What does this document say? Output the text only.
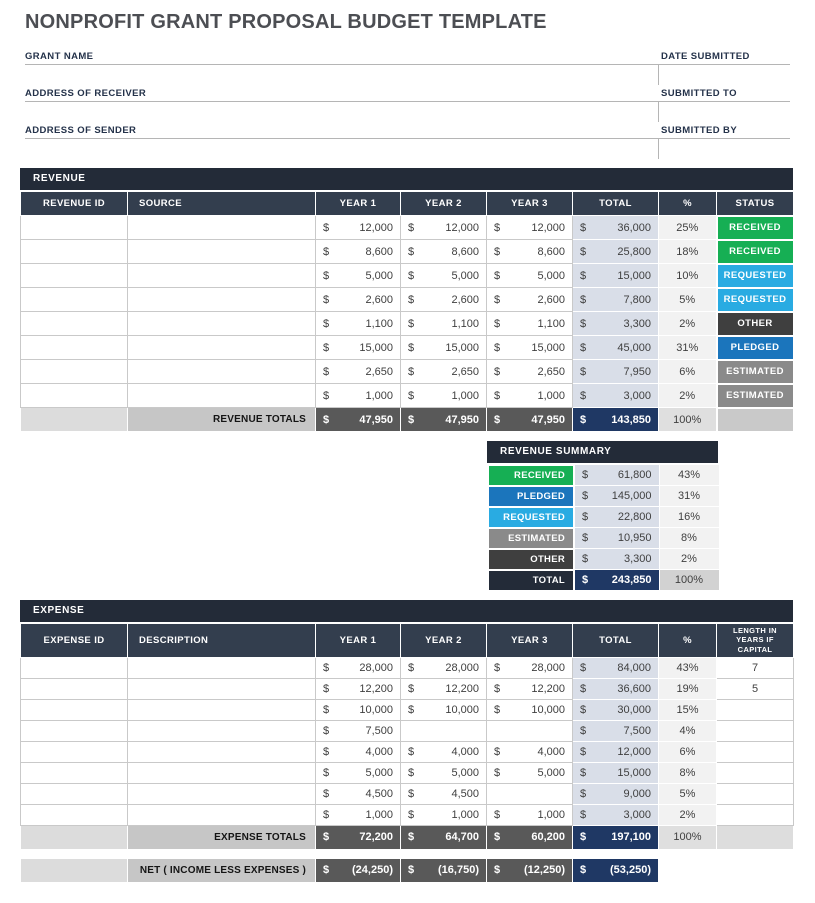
NONPROFIT GRANT PROPOSAL BUDGET TEMPLATE
GRANT NAME	DATE SUBMITTED
ADDRESS OF RECEIVER	SUBMITTED TO
ADDRESS OF SENDER	SUBMITTED BY
REVENUE
REVENUE ID	SOURCE	YEAR 1	YEAR 2	YEAR 3	TOTAL	%	STATUS

		$ 12,000	$ 12,000	$ 12,000	$ 36,000	25%	RECEIVED

		$ 8,600	$ 8,600	$ 8,600	$ 25,800	18%	RECEIVED

		$ 5,000	$ 5,000	$ 5,000	$ 15,000	10%	REQUESTED

		$ 2,600	$ 2,600	$ 2,600	$ 7,800	5%	REQUESTED

		$ 1,100	$ 1,100	$ 1,100	$ 3,300	2%	OTHER

		$ 15,000	$ 15,000	$ 15,000	$ 45,000	31%	PLEDGED

		$ 2,650	$ 2,650	$ 2,650	$ 7,950	6%	ESTIMATED

		$ 1,000	$ 1,000	$ 1,000	$ 3,000	2%	ESTIMATED
	REVENUE TOTALS	$ 47,950	$ 47,950	$ 47,950	$ 143,850	100%	
REVENUE SUMMARY
RECEIVED	$ 61,800	43%
PLEDGED	$ 145,000	31%
REQUESTED	$ 22,800	16%
ESTIMATED	$ 10,950	8%
OTHER	$ 3,300	2%
TOTAL	$ 243,850	100%
EXPENSE
EXPENSE ID	DESCRIPTION	YEAR 1	YEAR 2	YEAR 3	TOTAL	%	LENGTH IN YEARS IF CAPITAL

		$ 28,000	$ 28,000	$ 28,000	$ 84,000	43%	7

		$ 12,200	$ 12,200	$ 12,200	$ 36,600	19%	5

		$ 10,000	$ 10,000	$ 10,000	$ 30,000	15%	

		$ 7,500			$ 7,500	4%	

		$ 4,000	$ 4,000	$ 4,000	$ 12,000	6%	

		$ 5,000	$ 5,000	$ 5,000	$ 15,000	8%	

		$ 4,500	$ 4,500		$ 9,000	5%	

		$ 1,000	$ 1,000	$ 1,000	$ 3,000	2%	
	EXPENSE TOTALS	$ 72,200	$ 64,700	$ 60,200	$ 197,100	100%	
	NET ( INCOME LESS EXPENSES )	$ (24,250)	$ (16,750)	$ (12,250)	$ (53,250)
